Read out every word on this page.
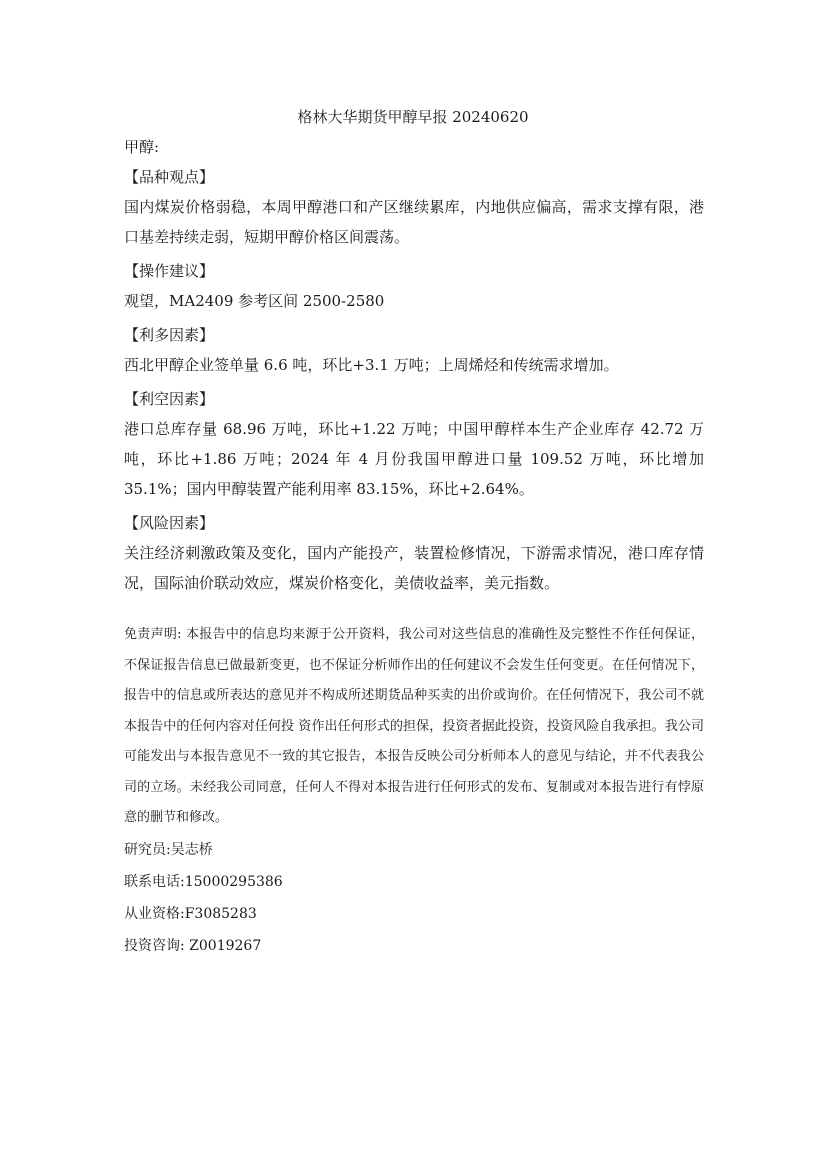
格林大华期货甲醇早报 20240620

甲醇:

【品种观点】

国内煤炭价格弱稳，本周甲醇港口和产区继续累库，内地供应偏高，需求支撑有限，港口基差持续走弱，短期甲醇价格区间震荡。

【操作建议】

观望，MA2409 参考区间 2500-2580

【利多因素】

西北甲醇企业签单量 6.6 吨，环比+3.1 万吨；上周烯烃和传统需求增加。

【利空因素】

港口总库存量 68.96 万吨，环比+1.22 万吨；中国甲醇样本生产企业库存 42.72 万吨，环比+1.86 万吨；2024 年 4 月份我国甲醇进口量 109.52 万吨，环比增加 35.1%；国内甲醇装置产能利用率 83.15%，环比+2.64%。

【风险因素】

关注经济刺激政策及变化，国内产能投产，装置检修情况，下游需求情况，港口库存情况，国际油价联动效应，煤炭价格变化，美债收益率，美元指数。

免责声明: 本报告中的信息均来源于公开资料，我公司对这些信息的准确性及完整性不作任何保证，不保证报告信息已做最新变更，也不保证分析师作出的任何建议不会发生任何变更。在任何情况下，报告中的信息或所表达的意见并不构成所述期货品种买卖的出价或询价。在任何情况下，我公司不就本报告中的任何内容对任何投 资作出任何形式的担保，投资者据此投资，投资风险自我承担。我公司可能发出与本报告意见不一致的其它报告，本报告反映公司分析师本人的意见与结论，并不代表我公司的立场。未经我公司同意，任何人不得对本报告进行任何形式的发布、复制或对本报告进行有悖原意的删节和修改。

研究员:吴志桥

联系电话:15000295386

从业资格:F3085283

投资咨询: Z0019267
